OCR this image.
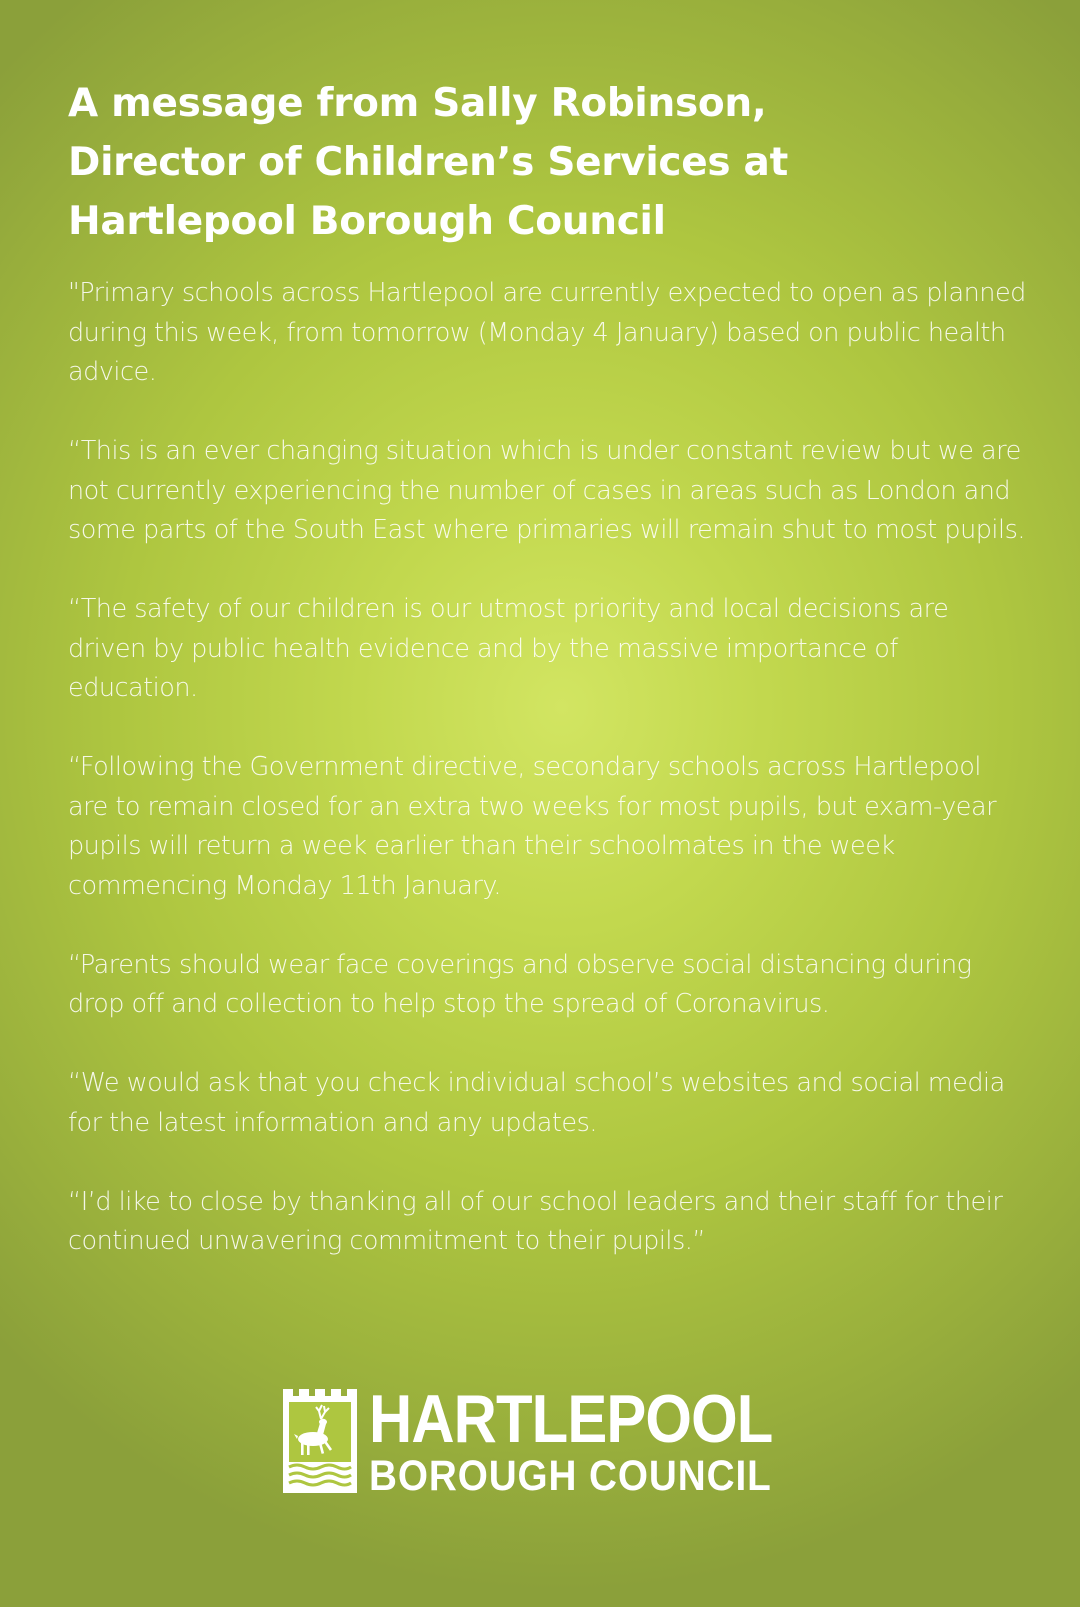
A message from Sally Robinson,
Director of Children’s Services at
Hartlepool Borough Council

"Primary schools across Hartlepool are currently expected to open as planned during this week, from tomorrow (Monday 4 January) based on public health advice.

“This is an ever changing situation which is under constant review but we are not currently experiencing the number of cases in areas such as London and some parts of the South East where primaries will remain shut to most pupils.

“The safety of our children is our utmost priority and local decisions are driven by public health evidence and by the massive importance of education.

“Following the Government directive, secondary schools across Hartlepool are to remain closed for an extra two weeks for most pupils, but exam-year pupils will return a week earlier than their schoolmates in the week commencing Monday 11th January.

“Parents should wear face coverings and observe social distancing during drop off and collection to help stop the spread of Coronavirus.

“We would ask that you check individual school’s websites and social media for the latest information and any updates.

“I’d like to close by thanking all of our school leaders and their staff for their continued unwavering commitment to their pupils.”

HARTLEPOOL
BOROUGH COUNCIL
